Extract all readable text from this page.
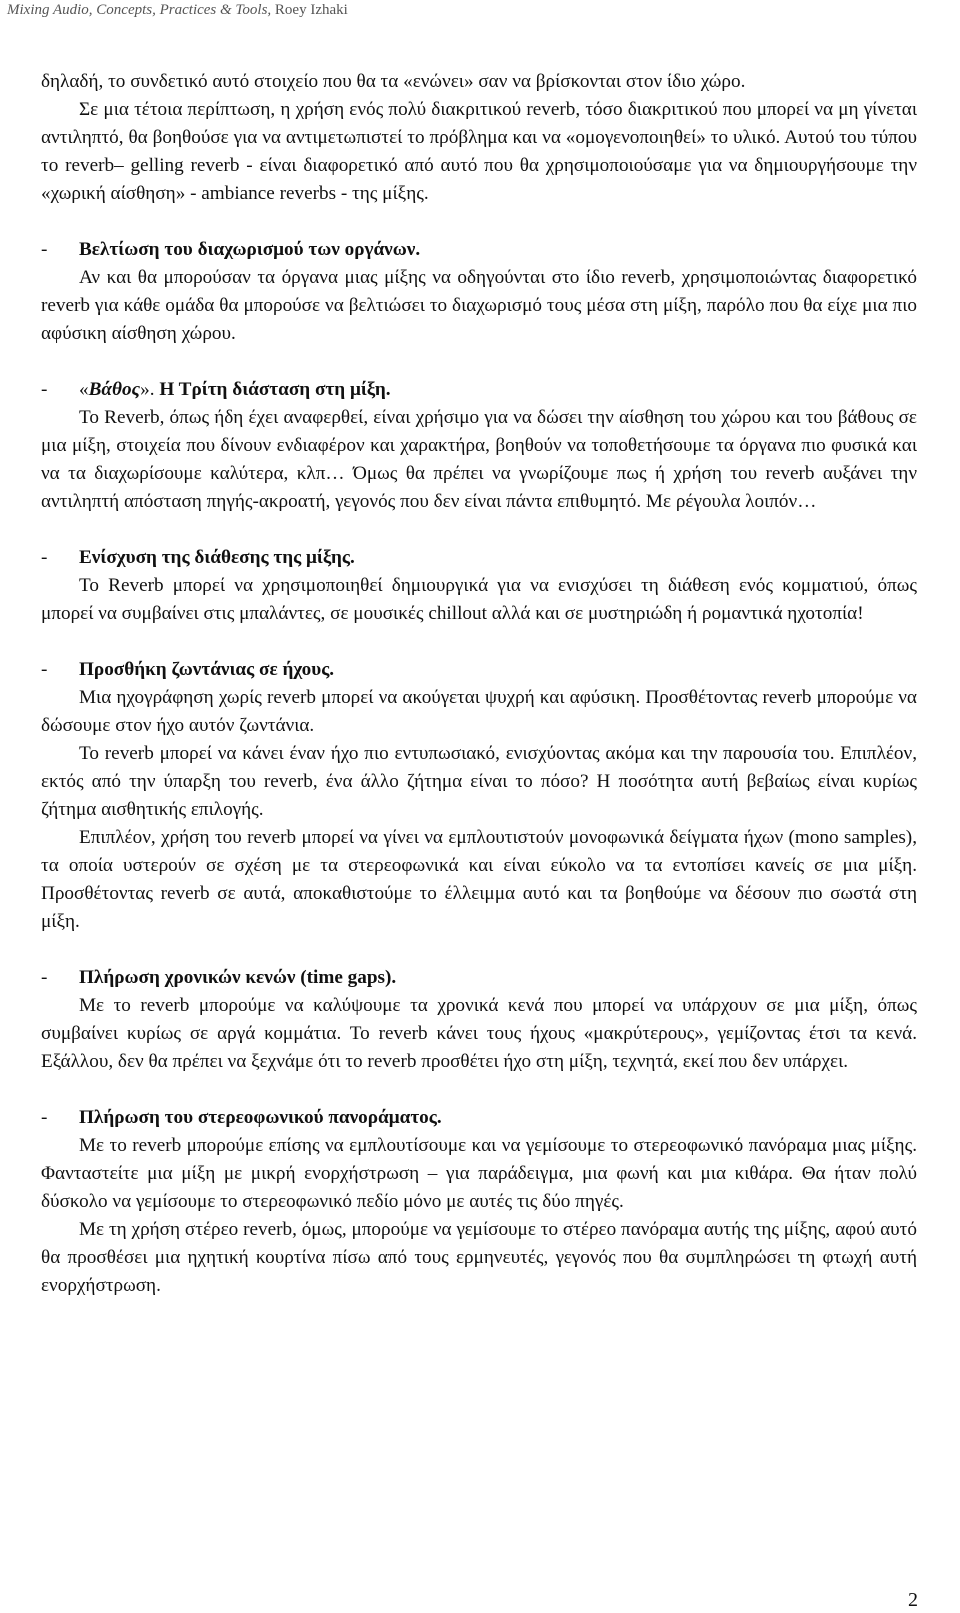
Mixing Audio, Concepts, Practices & Tools, Roey Izhaki

δηλαδή, το συνδετικό αυτό στοιχείο που θα τα «ενώνει» σαν να βρίσκονται στον ίδιο χώρο.

Σε μια τέτοια περίπτωση, η χρήση ενός πολύ διακριτικού reverb, τόσο διακριτικού που μπορεί να μη γίνεται αντιληπτό, θα βοηθούσε για να αντιμετωπιστεί το πρόβλημα και να «ομογενοποιηθεί» το υλικό. Αυτού του τύπου το reverb– gelling reverb - είναι διαφορετικό από αυτό που θα χρησιμοποιούσαμε για να δημιουργήσουμε την «χωρική αίσθηση» - ambiance reverbs - της μίξης.

-	Βελτίωση του διαχωρισμού των οργάνων.

Αν και θα μπορούσαν τα όργανα μιας μίξης να οδηγούνται στο ίδιο reverb, χρησιμοποιώντας διαφορετικό reverb για κάθε ομάδα θα μπορούσε να βελτιώσει το διαχωρισμό τους μέσα στη μίξη, παρόλο που θα είχε μια πιο αφύσικη αίσθηση χώρου.

-	«Βάθος». Η Τρίτη διάσταση στη μίξη.

Το Reverb, όπως ήδη έχει αναφερθεί, είναι χρήσιμο για να δώσει την αίσθηση του χώρου και του βάθους σε μια μίξη, στοιχεία που δίνουν ενδιαφέρον και χαρακτήρα, βοηθούν να τοποθετήσουμε τα όργανα πιο φυσικά και να τα διαχωρίσουμε καλύτερα, κλπ… Όμως θα πρέπει να γνωρίζουμε πως ή χρήση του reverb αυξάνει την αντιληπτή απόσταση πηγής-ακροατή, γεγονός που δεν είναι πάντα επιθυμητό. Με ρέγουλα λοιπόν…

-	Ενίσχυση της διάθεσης της μίξης.

Το Reverb μπορεί να χρησιμοποιηθεί δημιουργικά για να ενισχύσει τη διάθεση ενός κομματιού, όπως μπορεί να συμβαίνει στις μπαλάντες, σε μουσικές chillout αλλά και σε μυστηριώδη ή ρομαντικά ηχοτοπία!

-	Προσθήκη ζωντάνιας σε ήχους.

Μια ηχογράφηση χωρίς reverb μπορεί να ακούγεται ψυχρή και αφύσικη. Προσθέτοντας reverb μπορούμε να δώσουμε στον ήχο αυτόν ζωντάνια.

Το reverb μπορεί να κάνει έναν ήχο πιο εντυπωσιακό, ενισχύοντας ακόμα και την παρουσία του. Επιπλέον, εκτός από την ύπαρξη του reverb, ένα άλλο ζήτημα είναι το πόσο? Η ποσότητα αυτή βεβαίως είναι κυρίως ζήτημα αισθητικής επιλογής.

Επιπλέον, χρήση του reverb μπορεί να γίνει να εμπλουτιστούν μονοφωνικά δείγματα ήχων (mono samples), τα οποία υστερούν σε σχέση με τα στερεοφωνικά και είναι εύκολο να τα εντοπίσει κανείς σε μια μίξη. Προσθέτοντας reverb σε αυτά, αποκαθιστούμε το έλλειμμα αυτό και τα βοηθούμε να δέσουν πιο σωστά στη μίξη.

-	Πλήρωση χρονικών κενών (time gaps).

Με το reverb μπορούμε να καλύψουμε τα χρονικά κενά που μπορεί να υπάρχουν σε μια μίξη, όπως συμβαίνει κυρίως σε αργά κομμάτια. Το reverb κάνει τους ήχους «μακρύτερους», γεμίζοντας έτσι τα κενά. Εξάλλου, δεν θα πρέπει να ξεχνάμε ότι το reverb προσθέτει ήχο στη μίξη, τεχνητά, εκεί που δεν υπάρχει.

-	Πλήρωση του στερεοφωνικού πανοράματος.

Με το reverb μπορούμε επίσης να εμπλουτίσουμε και να γεμίσουμε το στερεοφωνικό πανόραμα μιας μίξης. Φανταστείτε μια μίξη με μικρή ενορχήστρωση – για παράδειγμα, μια φωνή και μια κιθάρα. Θα ήταν πολύ δύσκολο να γεμίσουμε το στερεοφωνικό πεδίο μόνο με αυτές τις δύο πηγές.

Με τη χρήση στέρεο reverb, όμως, μπορούμε να γεμίσουμε το στέρεο πανόραμα αυτής της μίξης, αφού αυτό θα προσθέσει μια ηχητική κουρτίνα πίσω από τους ερμηνευτές, γεγονός που θα συμπληρώσει τη φτωχή αυτή ενορχήστρωση.

2
